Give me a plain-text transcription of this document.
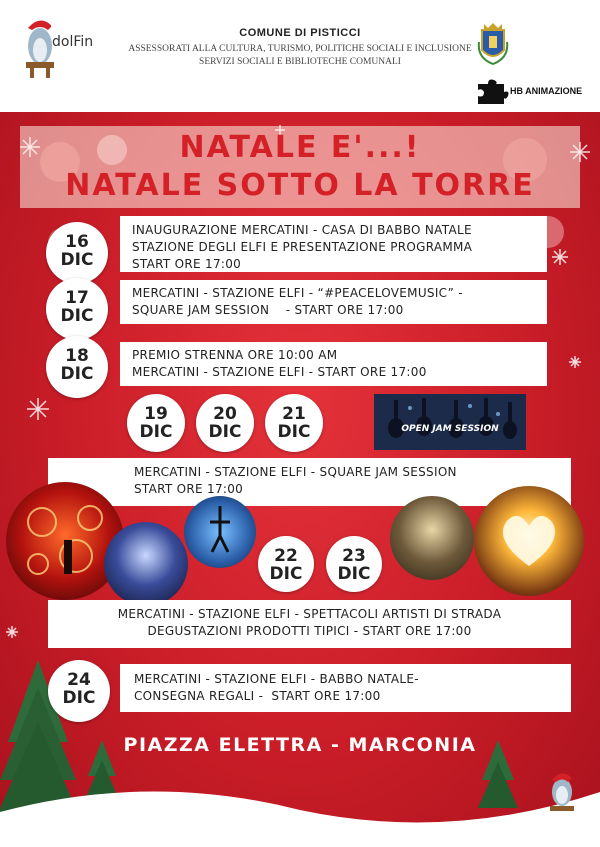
dolFin
COMUNE DI PISTICCI
ASSESSORATI ALLA CULTURA, TURISMO, POLITICHE SOCIALI E INCLUSIONE
SERVIZI SOCIALI E BIBLIOTECHE COMUNALI
HB ANIMAZIONE
NATALE E'...!
NATALE SOTTO LA TORRE
INAUGURAZIONE MERCATINI - CASA DI BABBO NATALE
STAZIONE DEGLI ELFI E PRESENTAZIONE PROGRAMMA
START ORE 17:00
16
DIC
MERCATINI - STAZIONE ELFI - “#PEACELOVEMUSIC” -
SQUARE JAM SESSION    - START ORE 17:00
17
DIC
PREMIO STRENNA ORE 10:00 AM
MERCATINI - STAZIONE ELFI - START ORE 17:00
18
DIC
19
DIC
20
DIC
21
DIC	OPEN JAM SESSION
MERCATINI - STAZIONE ELFI - SQUARE JAM SESSION
START ORE 17:00
22
DIC
23
DIC
MERCATINI - STAZIONE ELFI - SPETTACOLI ARTISTI DI STRADA
DEGUSTAZIONI PRODOTTI TIPICI - START ORE 17:00
MERCATINI - STAZIONE ELFI - BABBO NATALE-
CONSEGNA REGALI -  START ORE 17:00
24
DIC
PIAZZA ELETTRA - MARCONIA
